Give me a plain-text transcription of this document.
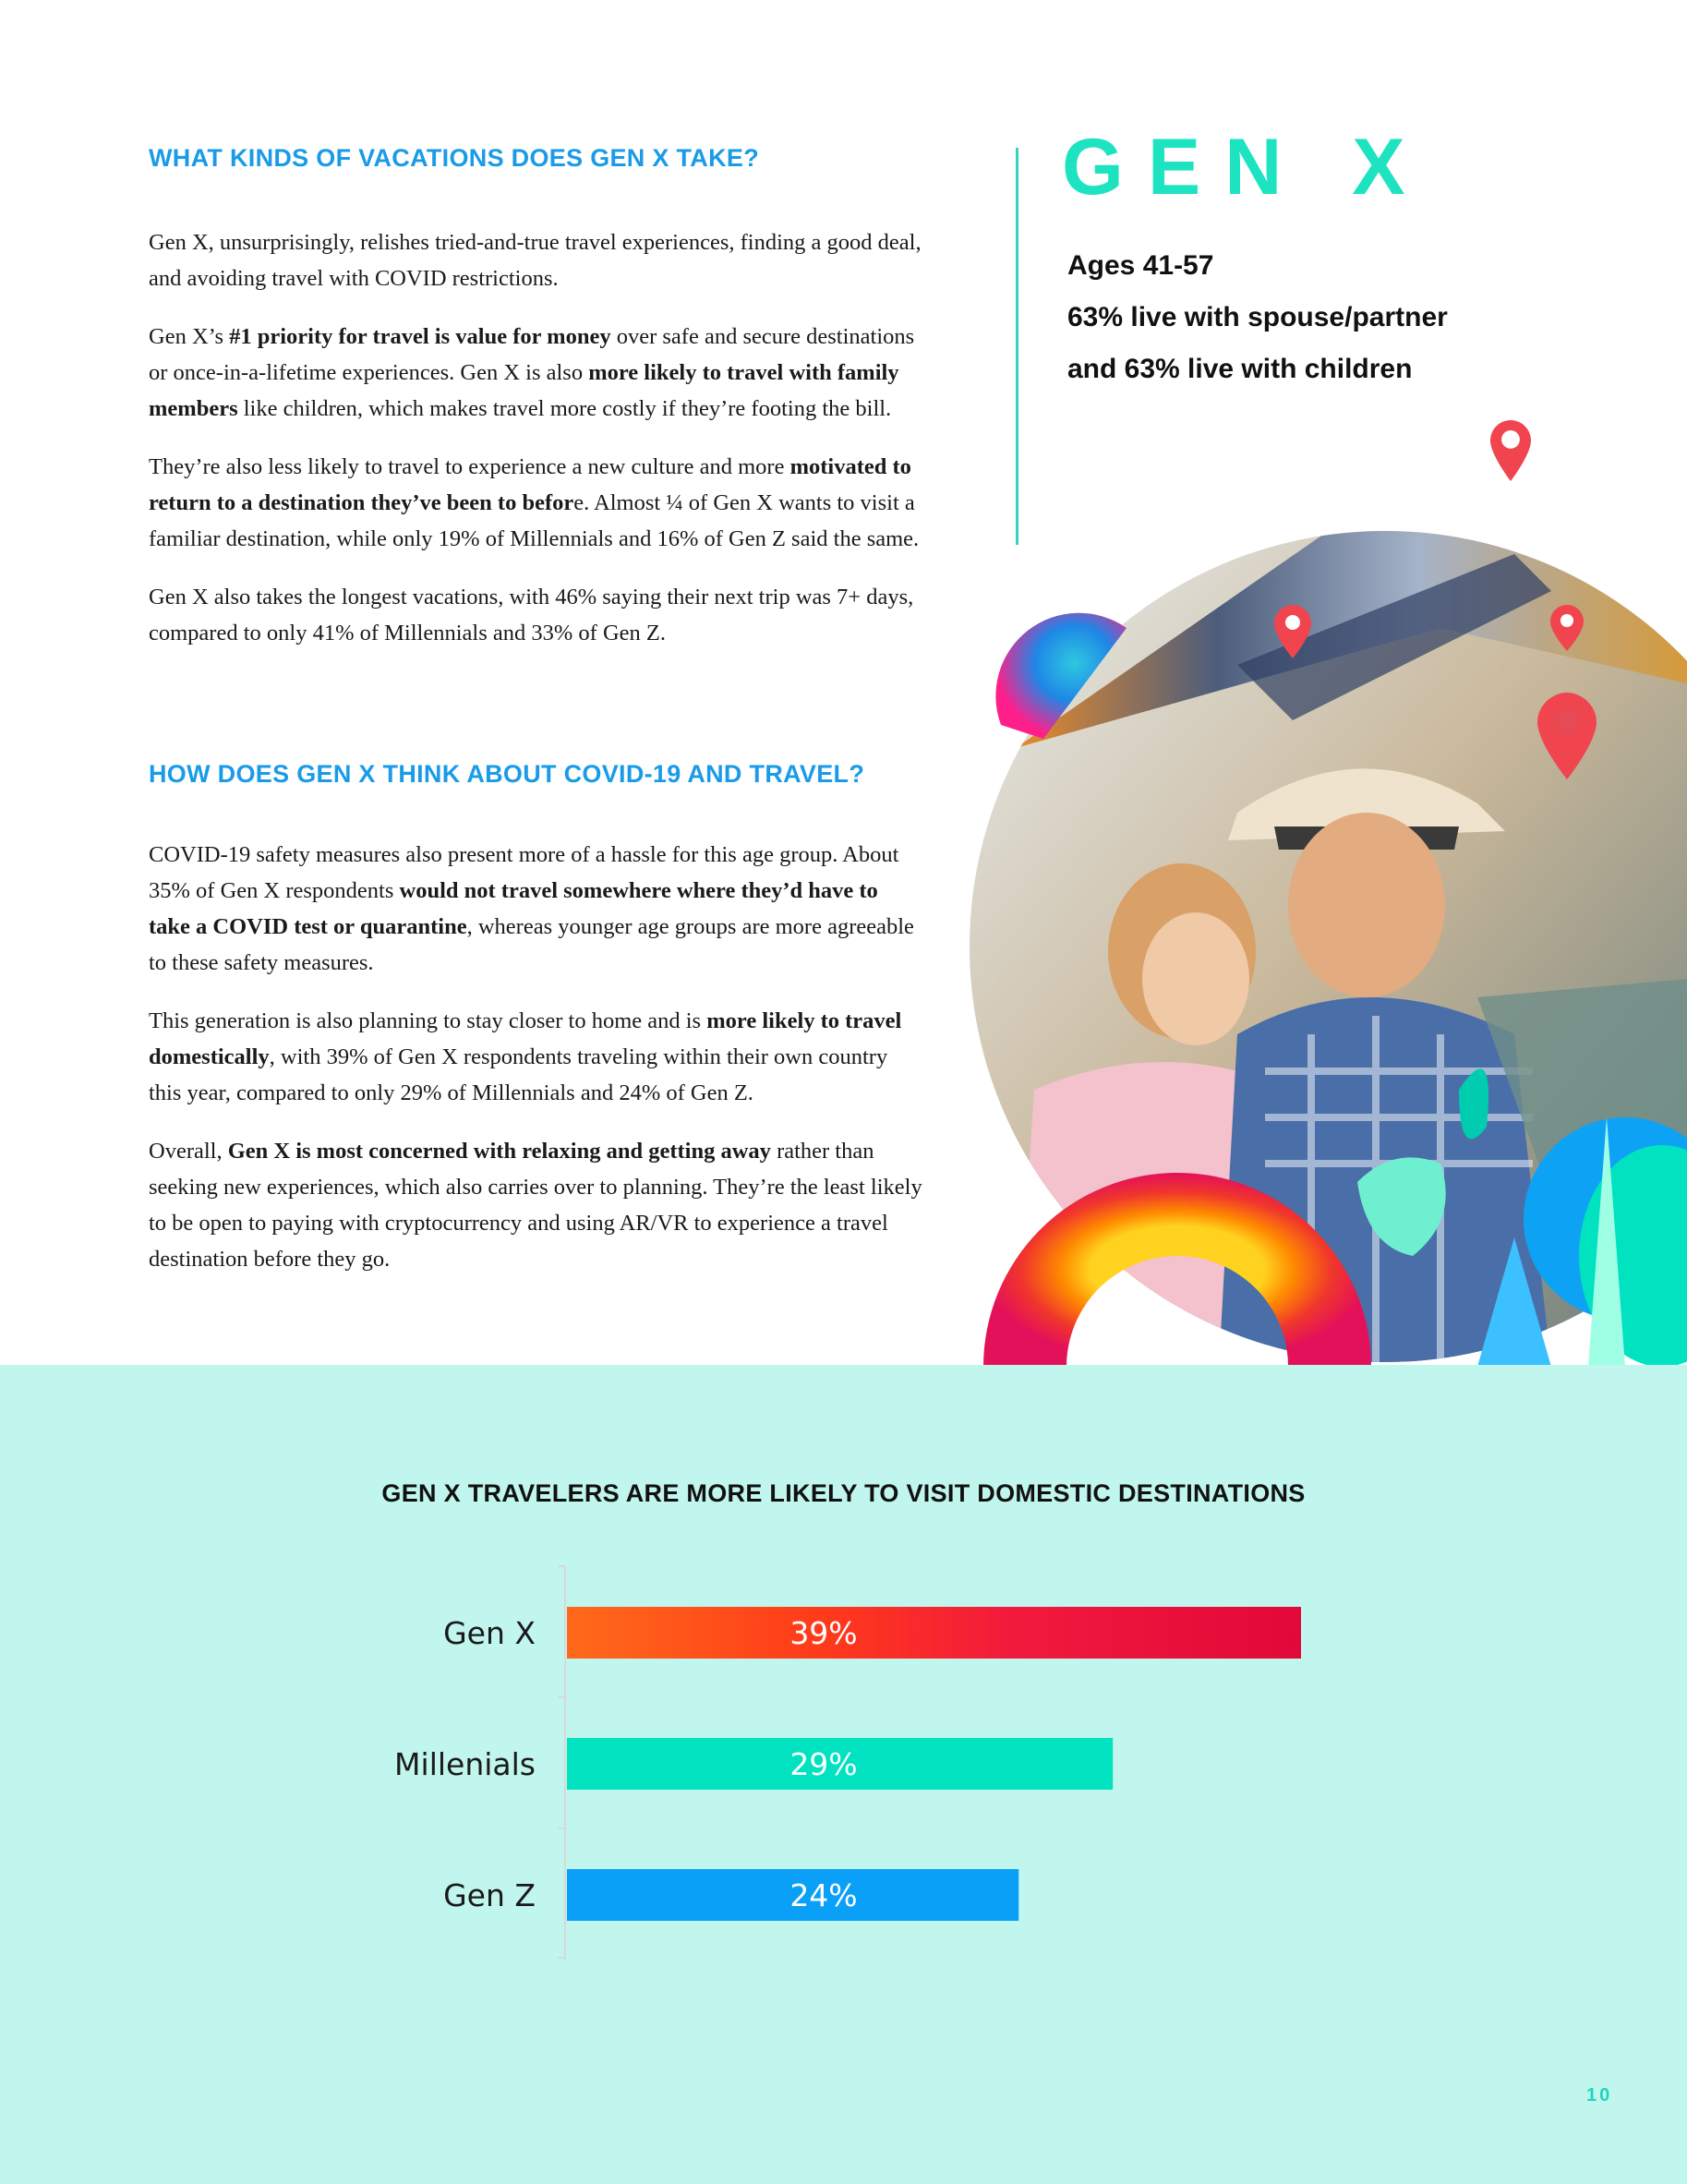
WHAT KINDS OF VACATIONS DOES GEN X TAKE?

Gen X, unsurprisingly, relishes tried-and-true travel experiences, finding a good deal, and avoiding travel with COVID restrictions.

Gen X’s #1 priority for travel is value for money over safe and secure destinations or once-in-a-lifetime experiences. Gen X is also more likely to travel with family members like children, which makes travel more costly if they’re footing the bill.

They’re also less likely to travel to experience a new culture and more motivated to return to a destination they’ve been to before. Almost ¼ of Gen X wants to visit a familiar destination, while only 19% of Millennials and 16% of Gen Z said the same.

Gen X also takes the longest vacations, with 46% saying their next trip was 7+ days, compared to only 41% of Millennials and 33% of Gen Z.

HOW DOES GEN X THINK ABOUT COVID-19 AND TRAVEL?

COVID-19 safety measures also present more of a hassle for this age group. About 35% of Gen X respondents would not travel somewhere where they’d have to take a COVID test or quarantine, whereas younger age groups are more agreeable to these safety measures.

This generation is also planning to stay closer to home and is more likely to travel domestically, with 39% of Gen X respondents traveling within their own country this year, compared to only 29% of Millennials and 24% of Gen Z.

Overall, Gen X is most concerned with relaxing and getting away rather than seeking new experiences, which also carries over to planning. They’re the least likely to be open to paying with cryptocurrency and using AR/VR to experience a travel destination before they go.

GEN X
Ages 41-57
63% live with spouse/partner
and 63% live with children
GEN X TRAVELERS ARE MORE LIKELY TO VISIT DOMESTIC DESTINATIONS
Gen X	39%
Millenials	29%
Gen Z	24%
10
